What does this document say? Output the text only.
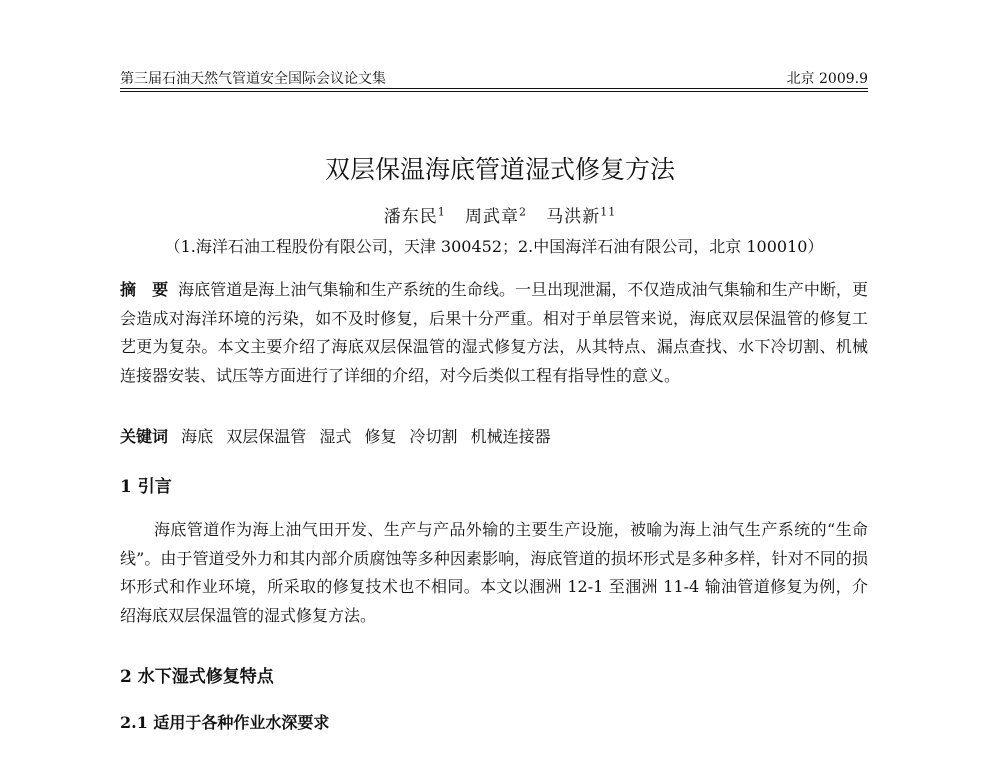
第三届石油天然气管道安全国际会议论文集	北京 2009.9
双层保温海底管道湿式修复方法
潘东民$^1$ 周武章$^2$ 马洪新$^{11}$
（1.海洋石油工程股份有限公司，天津 300452；2.中国海洋石油有限公司，北京 100010）
摘　要 海底管道是海上油气集输和生产系统的生命线。一旦出现泄漏，不仅造成油气集输和生产中断，更会造成对海洋环境的污染，如不及时修复，后果十分严重。相对于单层管来说，海底双层保温管的修复工艺更为复杂。本文主要介绍了海底双层保温管的湿式修复方法，从其特点、漏点查找、水下冷切割、机械连接器安装、试压等方面进行了详细的介绍，对今后类似工程有指导性的意义。
关键词 海底 双层保温管 湿式 修复 冷切割 机械连接器
1 引言
海底管道作为海上油气田开发、生产与产品外输的主要生产设施，被喻为海上油气生产系统的“生命线”。由于管道受外力和其内部介质腐蚀等多种因素影响，海底管道的损坏形式是多种多样，针对不同的损坏形式和作业环境，所采取的修复技术也不相同。本文以涠洲 12-1 至涠洲 11-4 输油管道修复为例，介绍海底双层保温管的湿式修复方法。
2 水下湿式修复特点
2.1 适用于各种作业水深要求
